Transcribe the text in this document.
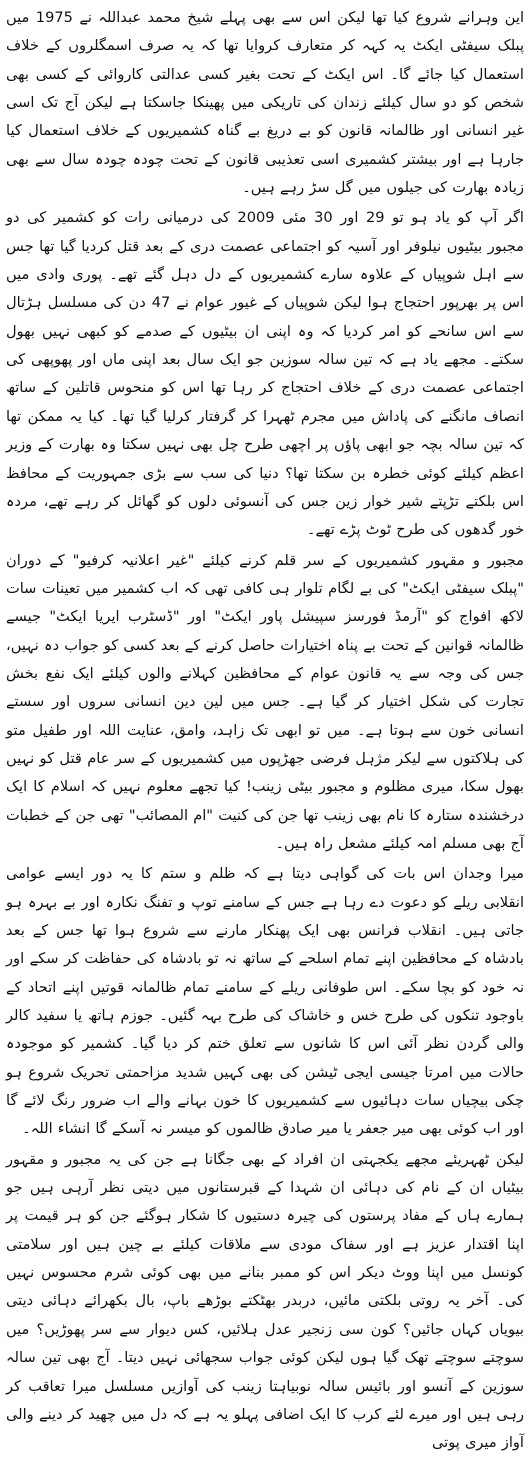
این وہرانے شروع کیا تھا لیکن اس سے بھی پہلے شیخ محمد عبداللہ نے 1975 میں پبلک سیفٹی ایکٹ یہ کہہ کر متعارف کروایا تھا کہ یہ صرف اسمگلروں کے خلاف استعمال کیا جائے گا۔ اس ایکٹ کے تحت بغیر کسی عدالتی کاروائی کے کسی بھی شخص کو دو سال کیلئے زندان کی تاریکی میں پھینکا جاسکتا ہے لیکن آج تک اسی غیر انسانی اور ظالمانہ قانون کو بے دریغ بے گناہ کشمیریوں کے خلاف استعمال کیا جارہا ہے اور بیشتر کشمیری اسی تعذیبی قانون کے تحت چودہ چودہ سال سے بھی زیادہ بھارت کی جیلوں میں گل سڑ رہے ہیں۔

اگر آپ کو یاد ہو تو 29 اور 30 مئی 2009 کی درمیانی رات کو کشمیر کی دو مجبور بیٹیوں نیلوفر اور آسیہ کو اجتماعی عصمت دری کے بعد قتل کردیا گیا تھا جس سے اہل شوپیاں کے علاوہ سارے کشمیریوں کے دل دہل گئے تھے۔ پوری وادی میں اس پر بھرپور احتجاج ہوا لیکن شوپیاں کے غیور عوام نے 47 دن کی مسلسل ہڑتال سے اس سانحے کو امر کردیا کہ وہ اپنی ان بیٹیوں کے صدمے کو کبھی نہیں بھول سکتے۔ مجھے یاد ہے کہ تین سالہ سوزین جو ایک سال بعد اپنی ماں اور پھوپھی کی اجتماعی عصمت دری کے خلاف احتجاج کر رہا تھا اس کو منحوس قاتلین کے ساتھ انصاف مانگنے کی پاداش میں مجرم ٹھہرا کر گرفتار کرلیا گیا تھا۔ کیا یہ ممکن تھا کہ تین سالہ بچہ جو ابھی پاؤں پر اچھی طرح چل بھی نہیں سکتا وہ بھارت کے وزیر اعظم کیلئے کوئی خطرہ بن سکتا تھا؟ دنیا کی سب سے بڑی جمہوریت کے محافظ اس بلکتے تڑپتے شیر خوار زین جس کی آنسوئی دلوں کو گھائل کر رہے تھے، مردہ خور گدھوں کی طرح ٹوٹ پڑے تھے۔

مجبور و مقہور کشمیریوں کے سر قلم کرنے کیلئے "غیر اعلانیہ کرفیو" کے دوران "پبلک سیفٹی ایکٹ" کی بے لگام تلوار ہی کافی تھی کہ اب کشمیر میں تعینات سات لاکھ افواج کو "آرمڈ فورسز سپیشل پاور ایکٹ" اور "ڈسٹرب ایریا ایکٹ" جیسے ظالمانہ قوانین کے تحت بے پناہ اختیارات حاصل کرنے کے بعد کسی کو جواب دہ نہیں، جس کی وجہ سے یہ قانون عوام کے محافظین کہلانے والوں کیلئے ایک نفع بخش تجارت کی شکل اختیار کر گیا ہے۔ جس میں لین دین انسانی سروں اور سستے انسانی خون سے ہوتا ہے۔ میں تو ابھی تک زاہد، وامق، عنایت اللہ اور طفیل متو کی ہلاکتوں سے لیکر مژہل فرضی جھڑپوں میں کشمیریوں کے سر عام قتل کو نہیں بھول سکا، میری مظلوم و مجبور بیٹی زینب! کیا تجھے معلوم نہیں کہ اسلام کا ایک درخشندہ ستارہ کا نام بھی زینب تھا جن کی کنیت "ام المصائب" تھی جن کے خطبات آج بھی مسلم امہ کیلئے مشعل راہ ہیں۔

میرا وجدان اس بات کی گواہی دیتا ہے کہ ظلم و ستم کا یہ دور ایسے عوامی انقلابی ریلے کو دعوت دے رہا ہے جس کے سامنے توپ و تفنگ نکارہ اور بے بہرہ ہو جاتی ہیں۔ انقلاب فرانس بھی ایک پھنکار مارنے سے شروع ہوا تھا جس کے بعد بادشاہ کے محافظین اپنے تمام اسلحے کے ساتھ نہ تو بادشاہ کی حفاظت کر سکے اور نہ خود کو بچا سکے۔ اس طوفانی ریلے کے سامنے تمام ظالمانہ قوتیں اپنے اتحاد کے باوجود تنکوں کی طرح خس و خاشاک کی طرح بہہ گئیں۔ جوزم ہاتھ یا سفید کالر والی گردن نظر آئی اس کا شانوں سے تعلق ختم کر دیا گیا۔ کشمیر کو موجودہ حالات میں امرتا جیسی ایجی ٹیشن کی بھی کہیں شدید مزاحمتی تحریک شروع ہو چکی بیچیاں سات دہائیوں سے کشمیریوں کا خون بہانے والے اب ضرور رنگ لائے گا اور اب کوئی بھی میر جعفر یا میر صادق ظالموں کو میسر نہ آسکے گا انشاء اللہ۔

لیکن ٹھہریئے مجھے یکجہتی ان افراد کے بھی جگانا ہے جن کی یہ مجبور و مقہور بیٹیاں ان کے نام کی دہائی ان شہدا کے قبرستانوں میں دیتی نظر آرہی ہیں جو ہمارے ہاں کے مفاد پرستوں کی چیرہ دستیوں کا شکار ہوگئے جن کو ہر قیمت پر اپنا اقتدار عزیز ہے اور سفاک مودی سے ملاقات کیلئے بے چین ہیں اور سلامتی کونسل میں اپنا ووٹ دیکر اس کو ممبر بنانے میں بھی کوئی شرم محسوس نہیں کی۔ آخر یہ روتی بلکتی مائیں، دربدر بھٹکتے بوڑھے باپ، بال بکھرائے دہائی دیتی بیویاں کہاں جائیں؟ کون سی زنجیر عدل ہلائیں، کس دیوار سے سر پھوڑیں؟ میں سوچتے سوچتے تھک گیا ہوں لیکن کوئی جواب سجھائی نہیں دیتا۔ آج بھی تین سالہ سوزین کے آنسو اور بائیس سالہ نوبیاہتا زینب کی آوازیں مسلسل میرا تعاقب کر رہی ہیں اور میرے لئے کرب کا ایک اضافی پہلو یہ ہے کہ دل میں چھید کر دینے والی آواز میری پوتی
